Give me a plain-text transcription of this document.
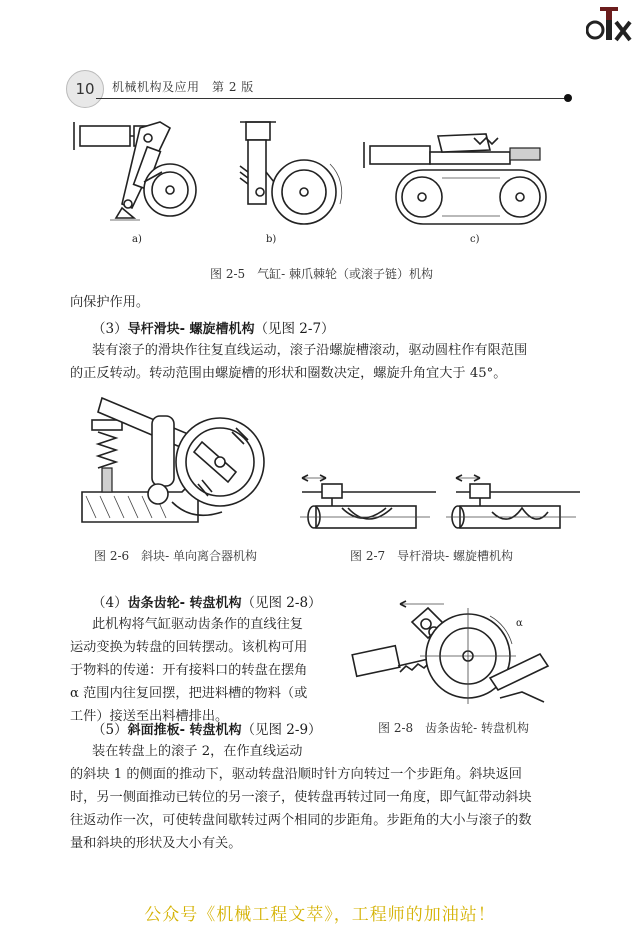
10	机械机构及应用　第 2 版
a)	b)	c)
图 2-5　气缸- 棘爪棘轮（或滚子链）机构
向保护作用。
（3）导杆滑块- 螺旋槽机构（见图 2-7）
装有滚子的滑块作往复直线运动，滚子沿螺旋槽滚动，驱动圆柱作有限范围
的正反转动。转动范围由螺旋槽的形状和圈数决定，螺旋升角宜大于 45°。
图 2-6　斜块- 单向离合器机构	图 2-7　导杆滑块- 螺旋槽机构
（4）齿条齿轮- 转盘机构（见图 2-8）
此机构将气缸驱动齿条作的直线往复
运动变换为转盘的回转摆动。该机构可用
于物料的传递：开有接料口的转盘在摆角
α 范围内往复回摆，把进料槽的物料（或
工件）接送至出料槽排出。
α
图 2-8　齿条齿轮- 转盘机构
（5）斜面推板- 转盘机构（见图 2-9）
装在转盘上的滚子 2，在作直线运动
的斜块 1 的侧面的推动下，驱动转盘沿顺时针方向转过一个步距角。斜块返回
时，另一侧面推动已转位的另一滚子，使转盘再转过同一角度，即气缸带动斜块
往返动作一次，可使转盘间歇转过两个相同的步距角。步距角的大小与滚子的数
量和斜块的形状及大小有关。
公众号《机械工程文萃》，工程师的加油站！
